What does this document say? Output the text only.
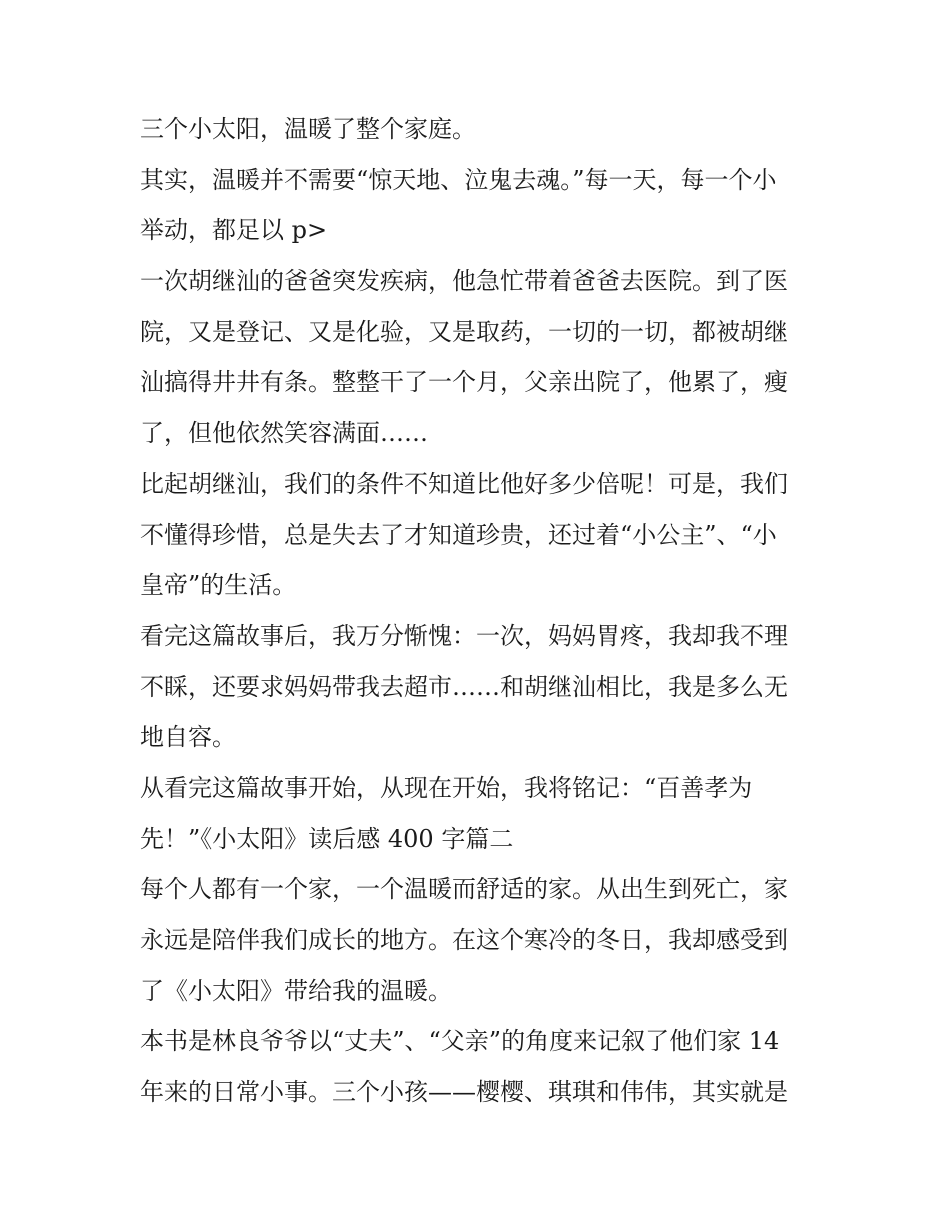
三个小太阳，温暖了整个家庭。
其实，温暖并不需要“惊天地、泣鬼去魂。”每一天，每一个小
举动，都足以 p>
一次胡继汕的爸爸突发疾病，他急忙带着爸爸去医院。到了医
院，又是登记、又是化验，又是取药，一切的一切，都被胡继
汕搞得井井有条。整整干了一个月，父亲出院了，他累了，瘦
了，但他依然笑容满面……
比起胡继汕，我们的条件不知道比他好多少倍呢！可是，我们
不懂得珍惜，总是失去了才知道珍贵，还过着“小公主”、“小
皇帝”的生活。
看完这篇故事后，我万分惭愧：一次，妈妈胃疼，我却我不理
不睬，还要求妈妈带我去超市……和胡继汕相比，我是多么无
地自容。
从看完这篇故事开始，从现在开始，我将铭记：“百善孝为
先！”《小太阳》读后感 400 字篇二
每个人都有一个家，一个温暖而舒适的家。从出生到死亡，家
永远是陪伴我们成长的地方。在这个寒冷的冬日，我却感受到
了《小太阳》带给我的温暖。
本书是林良爷爷以“丈夫”、“父亲”的角度来记叙了他们家 14
年来的日常小事。三个小孩——樱樱、琪琪和伟伟，其实就是
